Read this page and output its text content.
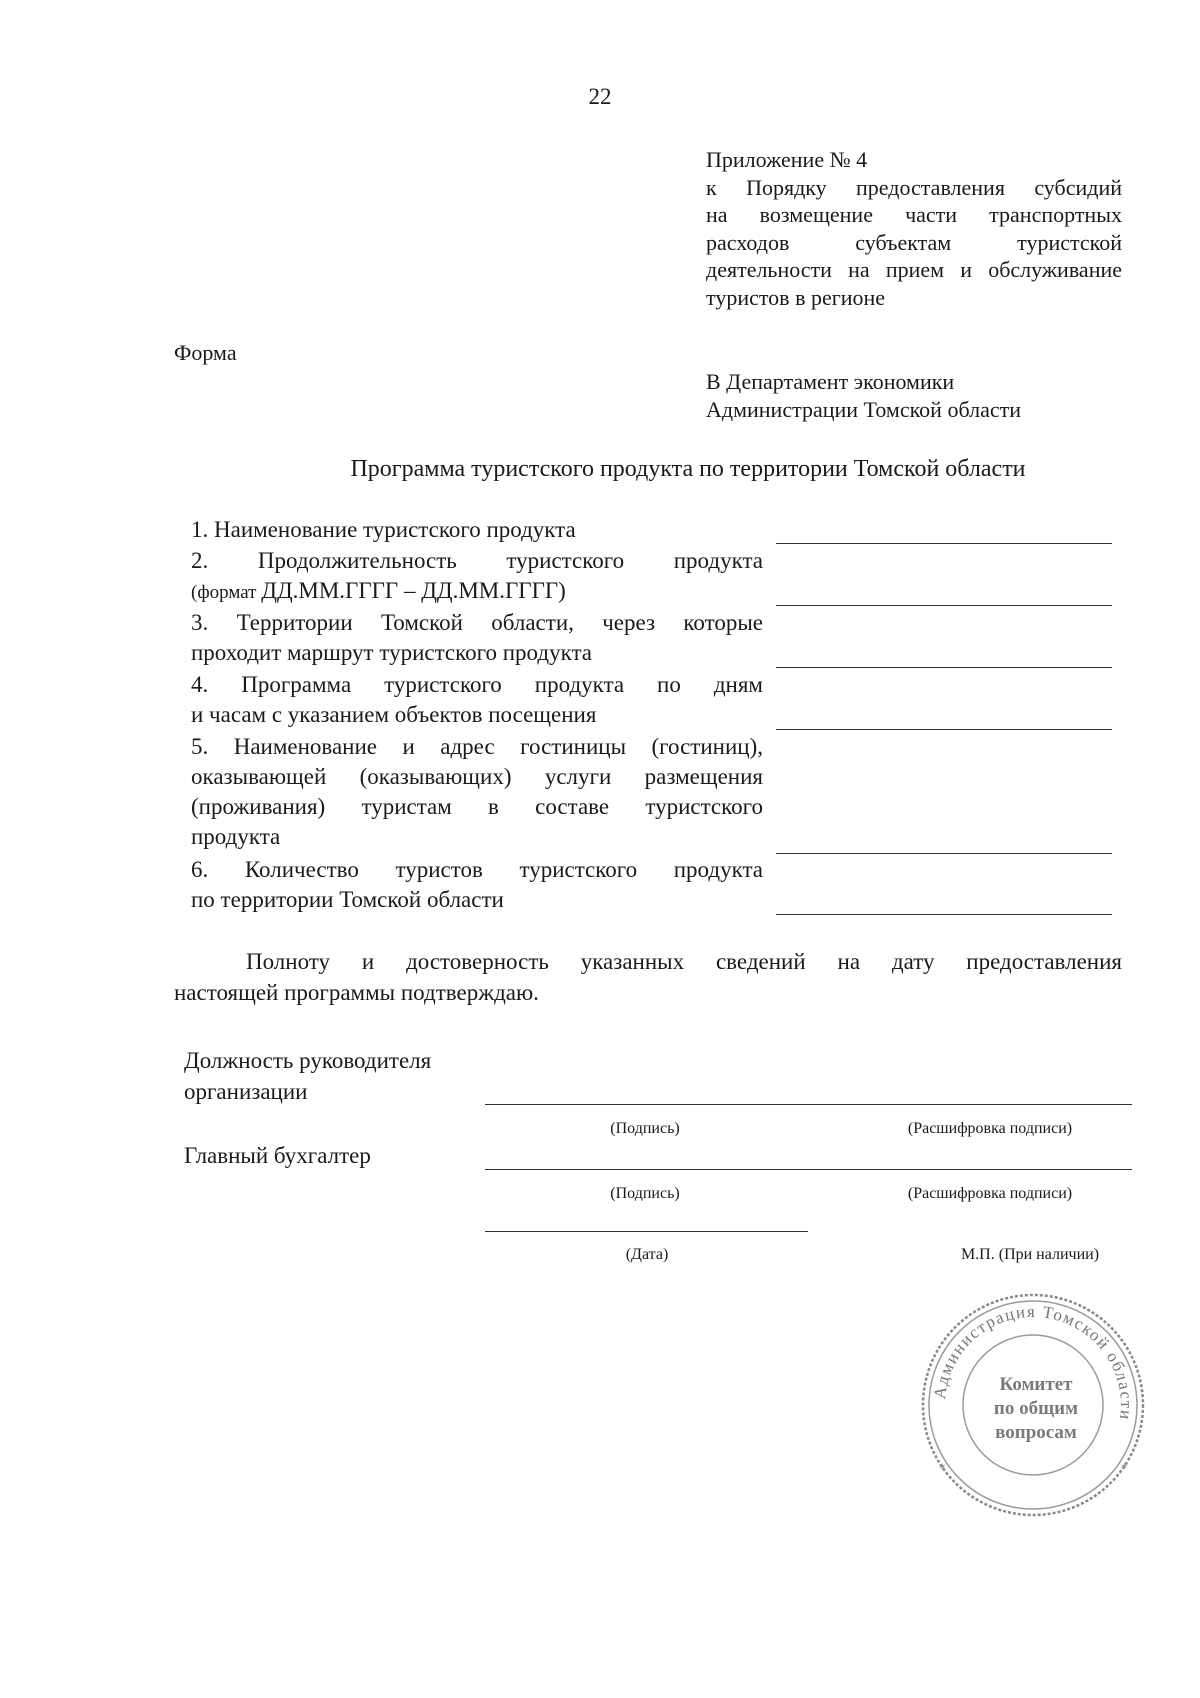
22
Приложение № 4
к Порядку предоставления субсидий
на возмещение части транспортных
расходов субъектам туристской
деятельности на прием и обслуживание
туристов в регионе
Форма
В Департамент экономики
Администрации Томской области
Программа туристского продукта по территории Томской области
1. Наименование туристского продукта
2. Продолжительность туристского продукта
(формат ДД.ММ.ГГГГ – ДД.ММ.ГГГГ)
3. Территории Томской области, через которые
проходит маршрут туристского продукта
4. Программа туристского продукта по дням
и часам с указанием объектов посещения
5. Наименование и адрес гостиницы (гостиниц),
оказывающей (оказывающих) услуги размещения
(проживания) туристам в составе туристского
продукта
6. Количество туристов туристского продукта
по территории Томской области
Полноту и достоверность указанных сведений на дату предоставления
настоящей программы подтверждаю.
Должность руководителя
организации
(Подпись)	(Расшифровка подписи)
Главный бухгалтер
(Подпись)	(Расшифровка подписи)
(Дата)	М.П. (При наличии)
Администрация Томской области
✶	✶
Комитет
по общим
вопросам
